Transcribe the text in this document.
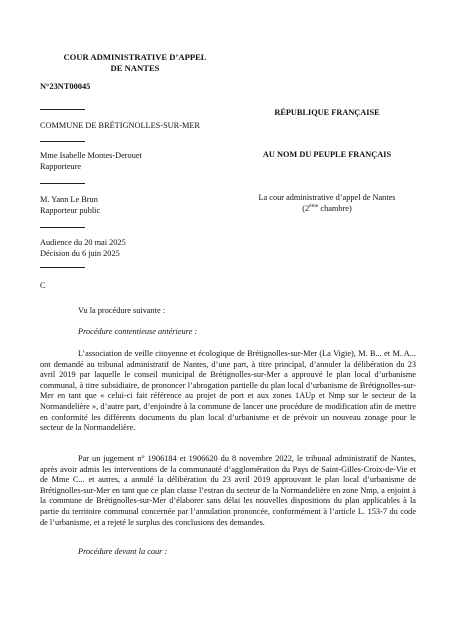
COUR ADMINISTRATIVE D’APPEL
DE NANTES
N°23NT00045
COMMUNE DE BRÉTIGNOLLES-SUR-MER
Mme Isabelle Montes-Derouet
Rapporteure
M. Yann Le Brun
Rapporteur public
Audience du 20 mai 2025
Décision du 6 juin 2025
C
RÉPUBLIQUE FRANÇAISE
AU NOM DU PEUPLE FRANÇAIS
La cour administrative d’appel de Nantes
(2ème chambre)

Vu la procédure suivante :

Procédure contentieuse antérieure :

L’association de veille citoyenne et écologique de Brétignolles-sur-Mer (La Vigie), M. B... et M. A... ont demandé au tribunal administratif de Nantes, d’une part, à titre principal, d’annuler la délibération du 23 avril 2019 par laquelle le conseil municipal de Brétignolles-sur-Mer a approuvé le plan local d’urbanisme communal, à titre subsidiaire, de prononcer l’abrogation partielle du plan local d’urbanisme de Brétignolles-sur-Mer en tant que « celui-ci fait référence au projet de port et aux zones 1AUp et Nmp sur le secteur de la Normandelière », d’autre part, d’enjoindre à la commune de lancer une procédure de modification afin de mettre en conformité les différents documents du plan local d’urbanisme et de prévoir un nouveau zonage pour le secteur de la Normandelière.

Par un jugement n° 1906184 et 1906620 du 8 novembre 2022, le tribunal administratif de Nantes, après avoir admis les interventions de la communauté d’agglomération du Pays de Saint-Gilles-Croix-de-Vie et de Mme C... et autres, a annulé la délibération du 23 avril 2019 approuvant le plan local d’urbanisme de Brétignolles-sur-Mer en tant que ce plan classe l’estran du secteur de la Normandelière en zone Nmp, a enjoint à la commune de Brétignolles-sur-Mer d’élaborer sans délai les nouvelles dispositions du plan applicables à la partie du territoire communal concernée par l’annulation prononcée, conformément à l’article L. 153-7 du code de l’urbanisme, et a rejeté le surplus des conclusions des demandes.

Procédure devant la cour :
